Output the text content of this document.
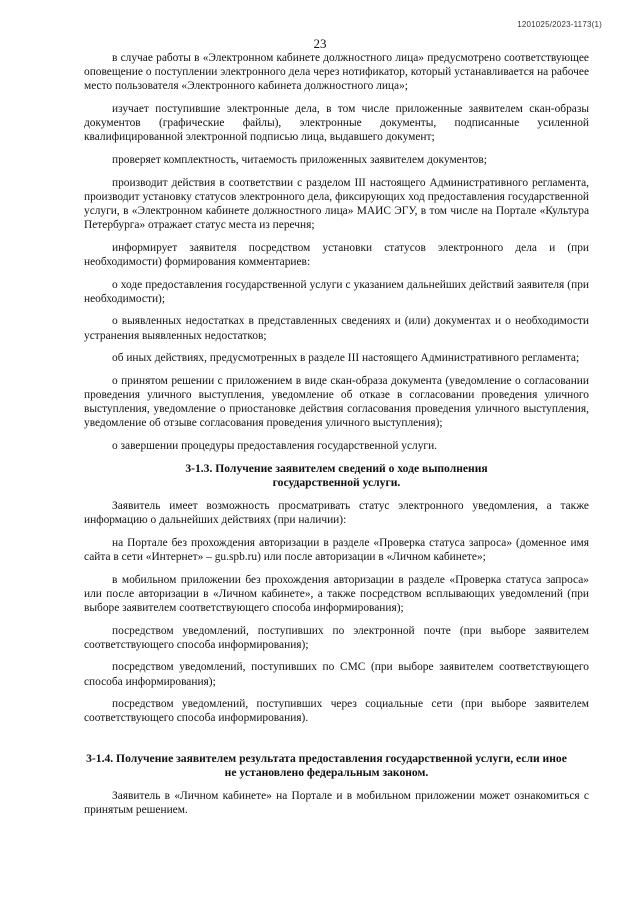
1201025/2023-1173(1)
23

в случае работы в «Электронном кабинете должностного лица» предусмотрено соответствующее оповещение о поступлении электронного дела через нотификатор, который устанавливается на рабочее место пользователя «Электронного кабинета должностного лица»;

изучает поступившие электронные дела, в том числе приложенные заявителем скан-образы документов (графические файлы), электронные документы, подписанные усиленной квалифицированной электронной подписью лица, выдавшего документ;

проверяет комплектность, читаемость приложенных заявителем документов;

производит действия в соответствии с разделом III настоящего Административного регламента, производит установку статусов электронного дела, фиксирующих ход предоставления государственной услуги, в «Электронном кабинете должностного лица» МАИС ЭГУ, в том числе на Портале «Культура Петербурга» отражает статус места из перечня;

информирует заявителя посредством установки статусов электронного дела и (при необходимости) формирования комментариев:

о ходе предоставления государственной услуги с указанием дальнейших действий заявителя (при необходимости);

о выявленных недостатках в представленных сведениях и (или) документах и о необходимости устранения выявленных недостатков;

об иных действиях, предусмотренных в разделе III настоящего Административного регламента;

о принятом решении с приложением в виде скан-образа документа (уведомление о согласовании проведения уличного выступления, уведомление об отказе в согласовании проведения уличного выступления, уведомление о приостановке действия согласования проведения уличного выступления, уведомление об отзыве согласования проведения уличного выступления);

о завершении процедуры предоставления государственной услуги.

3-1.3. Получение заявителем сведений о ходе выполнения
государственной услуги.

Заявитель имеет возможность просматривать статус электронного уведомления, а также информацию о дальнейших действиях (при наличии):

на Портале без прохождения авторизации в разделе «Проверка статуса запроса» (доменное имя сайта в сети «Интернет» – gu.spb.ru) или после авторизации в «Личном кабинете»;

в мобильном приложении без прохождения авторизации в разделе «Проверка статуса запроса» или после авторизации в «Личном кабинете», а также посредством всплывающих уведомлений (при выборе заявителем соответствующего способа информирования);

посредством уведомлений, поступивших по электронной почте (при выборе заявителем соответствующего способа информирования);

посредством уведомлений, поступивших по СМС (при выборе заявителем соответствующего способа информирования);

посредством уведомлений, поступивших через социальные сети (при выборе заявителем соответствующего способа информирования).

3-1.4. Получение заявителем результата предоставления государственной услуги, если иное
не установлено федеральным законом.

Заявитель в «Личном кабинете» на Портале и в мобильном приложении может ознакомиться с принятым решением.
